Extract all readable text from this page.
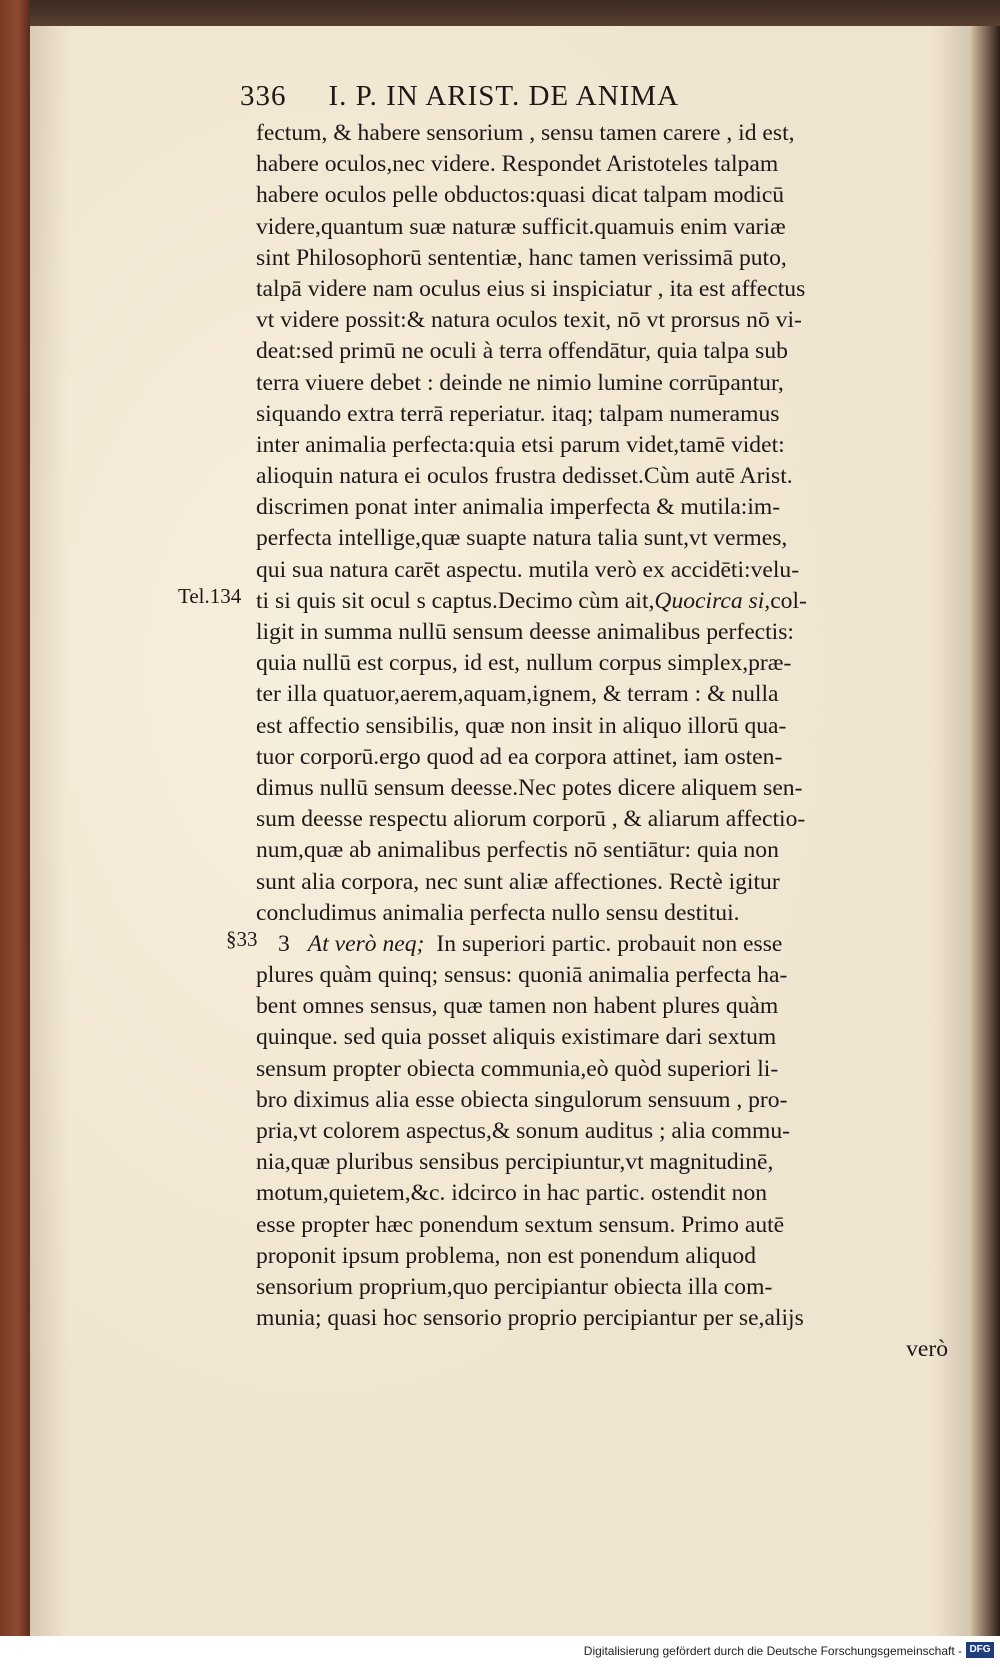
336 I. P. IN ARIST. DE ANIMA
Tel.134
§33
fectum, & habere sensorium , sensu tamen carere , id est,
habere oculos,nec videre. Respondet Aristoteles talpam
habere oculos pelle obductos:quasi dicat talpam modicū
videre,quantum suæ naturæ sufficit.quamuis enim variæ
sint Philosophorū sententiæ, hanc tamen verissimā puto,
talpā videre nam oculus eius si inspiciatur , ita est affectus
vt videre possit:& natura oculos texit, nō vt prorsus nō vi-
deat:sed primū ne oculi à terra offendātur, quia talpa sub
terra viuere debet : deinde ne nimio lumine corrūpantur,
siquando extra terrā reperiatur. itaq; talpam numeramus
inter animalia perfecta:quia etsi parum videt,tamē videt:
alioquin natura ei oculos frustra dedisset.Cùm autē Arist.
discrimen ponat inter animalia imperfecta & mutila:im-
perfecta intellige,quæ suapte natura talia sunt,vt vermes,
qui sua natura carēt aspectu. mutila verò ex accidēti:velu-
ti si quis sit ocul s captus.Decimo cùm ait,Quocirca si,col-
ligit in summa nullū sensum deesse animalibus perfectis:
quia nullū est corpus, id est, nullum corpus simplex,præ-
ter illa quatuor,aerem,aquam,ignem, & terram : & nulla
est affectio sensibilis, quæ non insit in aliquo illorū qua-
tuor corporū.ergo quod ad ea corpora attinet, iam osten-
dimus nullū sensum deesse.Nec potes dicere aliquem sen-
sum deesse respectu aliorum corporū , & aliarum affectio-
num,quæ ab animalibus perfectis nō sentiātur: quia non
sunt alia corpora, nec sunt aliæ affectiones. Rectè igitur
concludimus animalia perfecta nullo sensu destitui.
3 At verò neq; In superiori partic. probauit non esse
plures quàm quinq; sensus: quoniā animalia perfecta ha-
bent omnes sensus, quæ tamen non habent plures quàm
quinque. sed quia posset aliquis existimare dari sextum
sensum propter obiecta communia,eò quòd superiori li-
bro diximus alia esse obiecta singulorum sensuum , pro-
pria,vt colorem aspectus,& sonum auditus ; alia commu-
nia,quæ pluribus sensibus percipiuntur,vt magnitudinē,
motum,quietem,&c. idcirco in hac partic. ostendit non
esse propter hæc ponendum sextum sensum. Primo autē
proponit ipsum problema, non est ponendum aliquod
sensorium proprium,quo percipiantur obiecta illa com-
munia; quasi hoc sensorio proprio percipiantur per se,alijs
verò
Digitalisierung gefördert durch die Deutsche Forschungsgemeinschaft - DFG
